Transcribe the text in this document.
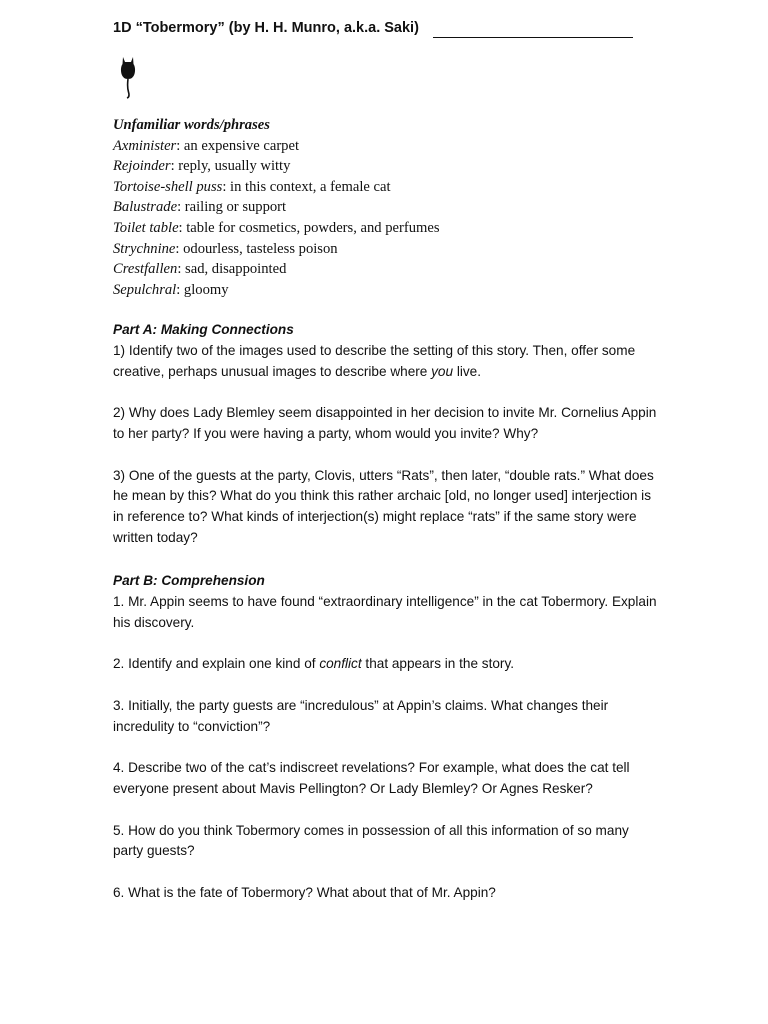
1D “Tobermory” (by H. H. Munro, a.k.a. Saki)
Unfamiliar words/phrases
Axminister: an expensive carpet
Rejoinder: reply, usually witty
Tortoise-shell puss: in this context, a female cat
Balustrade: railing or support
Toilet table: table for cosmetics, powders, and perfumes
Strychnine: odourless, tasteless poison
Crestfallen: sad, disappointed
Sepulchral: gloomy
Part A: Making Connections

1) Identify two of the images used to describe the setting of this story. Then, offer some creative, perhaps unusual images to describe where you live.

2) Why does Lady Blemley seem disappointed in her decision to invite Mr. Cornelius Appin to her party? If you were having a party, whom would you invite? Why?

3) One of the guests at the party, Clovis, utters “Rats”, then later, “double rats.” What does he mean by this? What do you think this rather archaic [old, no longer used] interjection is in reference to? What kinds of interjection(s) might replace “rats” if the same story were written today?

Part B: Comprehension

1. Mr. Appin seems to have found “extraordinary intelligence” in the cat Tobermory. Explain his discovery.

2. Identify and explain one kind of conflict that appears in the story.

3. Initially, the party guests are “incredulous” at Appin’s claims. What changes their incredulity to “conviction”?

4. Describe two of the cat’s indiscreet revelations? For example, what does the cat tell everyone present about Mavis Pellington? Or Lady Blemley? Or Agnes Resker?

5. How do you think Tobermory comes in possession of all this information of so many party guests?

6. What is the fate of Tobermory? What about that of Mr. Appin?
